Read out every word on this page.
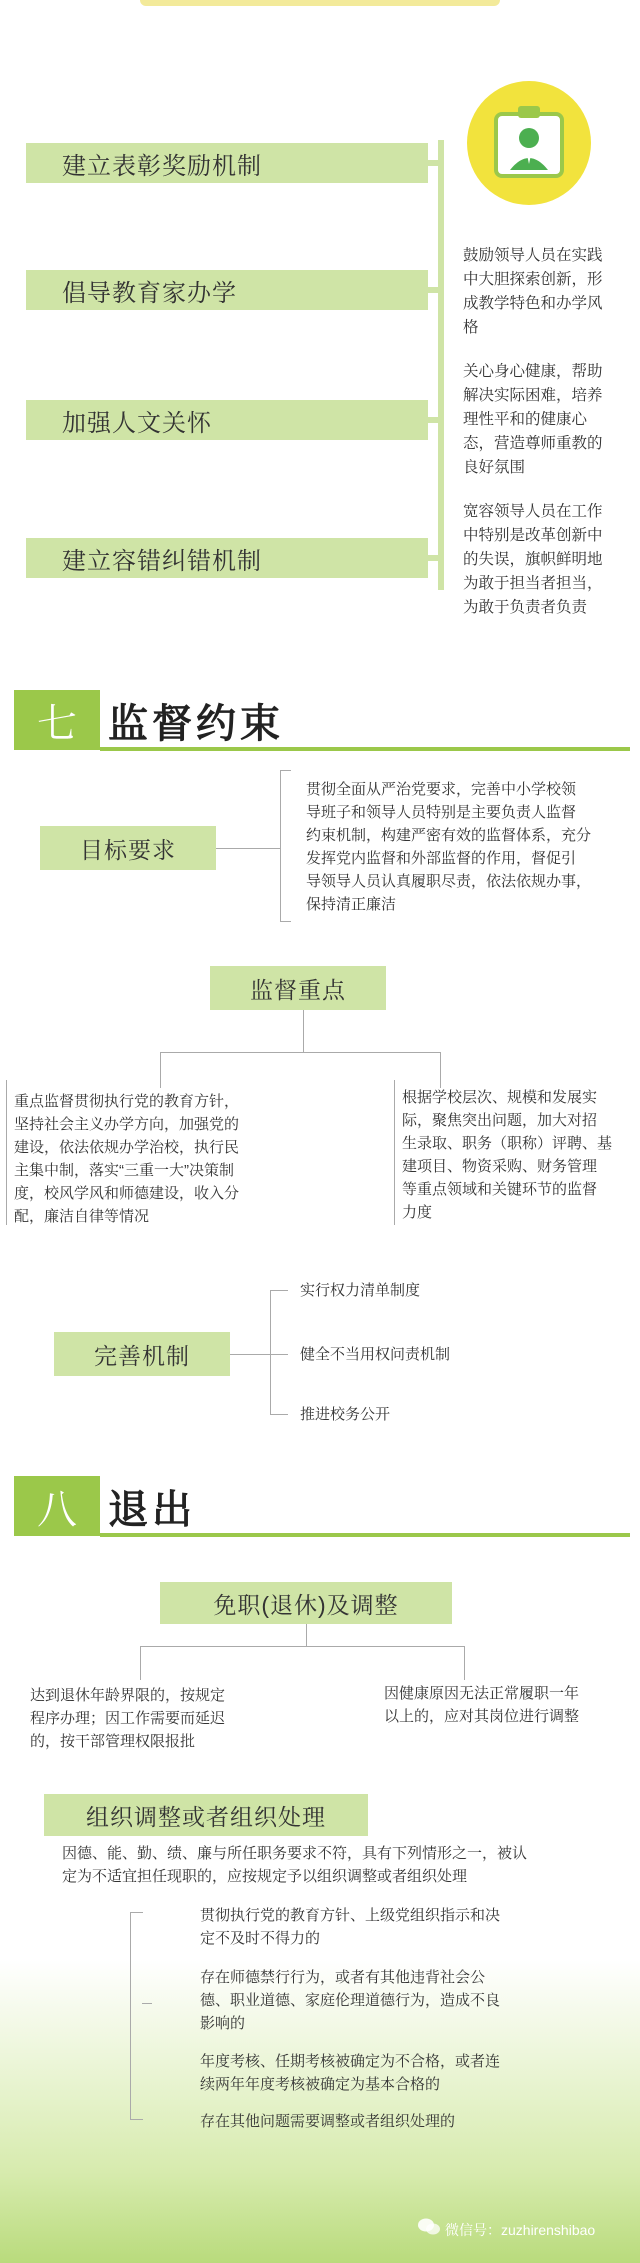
建立表彰奖励机制
倡导教育家办学
鼓励领导人员在实践
中大胆探索创新，形
成教学特色和办学风
格
加强人文关怀
关心身心健康，帮助
解决实际困难，培养
理性平和的健康心
态，营造尊师重教的
良好氛围
建立容错纠错机制
宽容领导人员在工作
中特别是改革创新中
的失误，旗帜鲜明地
为敢于担当者担当，
为敢于负责者负责
七 监督约束
目标要求
贯彻全面从严治党要求，完善中小学校领
导班子和领导人员特别是主要负责人监督
约束机制，构建严密有效的监督体系，充分
发挥党内监督和外部监督的作用，督促引
导领导人员认真履职尽责，依法依规办事，
保持清正廉洁
监督重点
重点监督贯彻执行党的教育方针，
坚持社会主义办学方向，加强党的
建设，依法依规办学治校，执行民
主集中制，落实“三重一大”决策制
度，校风学风和师德建设，收入分
配，廉洁自律等情况
根据学校层次、规模和发展实
际，聚焦突出问题，加大对招
生录取、职务（职称）评聘、基
建项目、物资采购、财务管理
等重点领域和关键环节的监督
力度
完善机制
实行权力清单制度
健全不当用权问责机制
推进校务公开
八 退出
免职(退休)及调整
达到退休年龄界限的，按规定
程序办理；因工作需要而延迟
的，按干部管理权限报批
因健康原因无法正常履职一年
以上的，应对其岗位进行调整
组织调整或者组织处理
因德、能、勤、绩、廉与所任职务要求不符，具有下列情形之一，被认
定为不适宜担任现职的，应按规定予以组织调整或者组织处理
贯彻执行党的教育方针、上级党组织指示和决
定不及时不得力的
存在师德禁行行为，或者有其他违背社会公
德、职业道德、家庭伦理道德行为，造成不良
影响的
年度考核、任期考核被确定为不合格，或者连
续两年年度考核被确定为基本合格的
存在其他问题需要调整或者组织处理的
微信号：zuzhirenshibao
